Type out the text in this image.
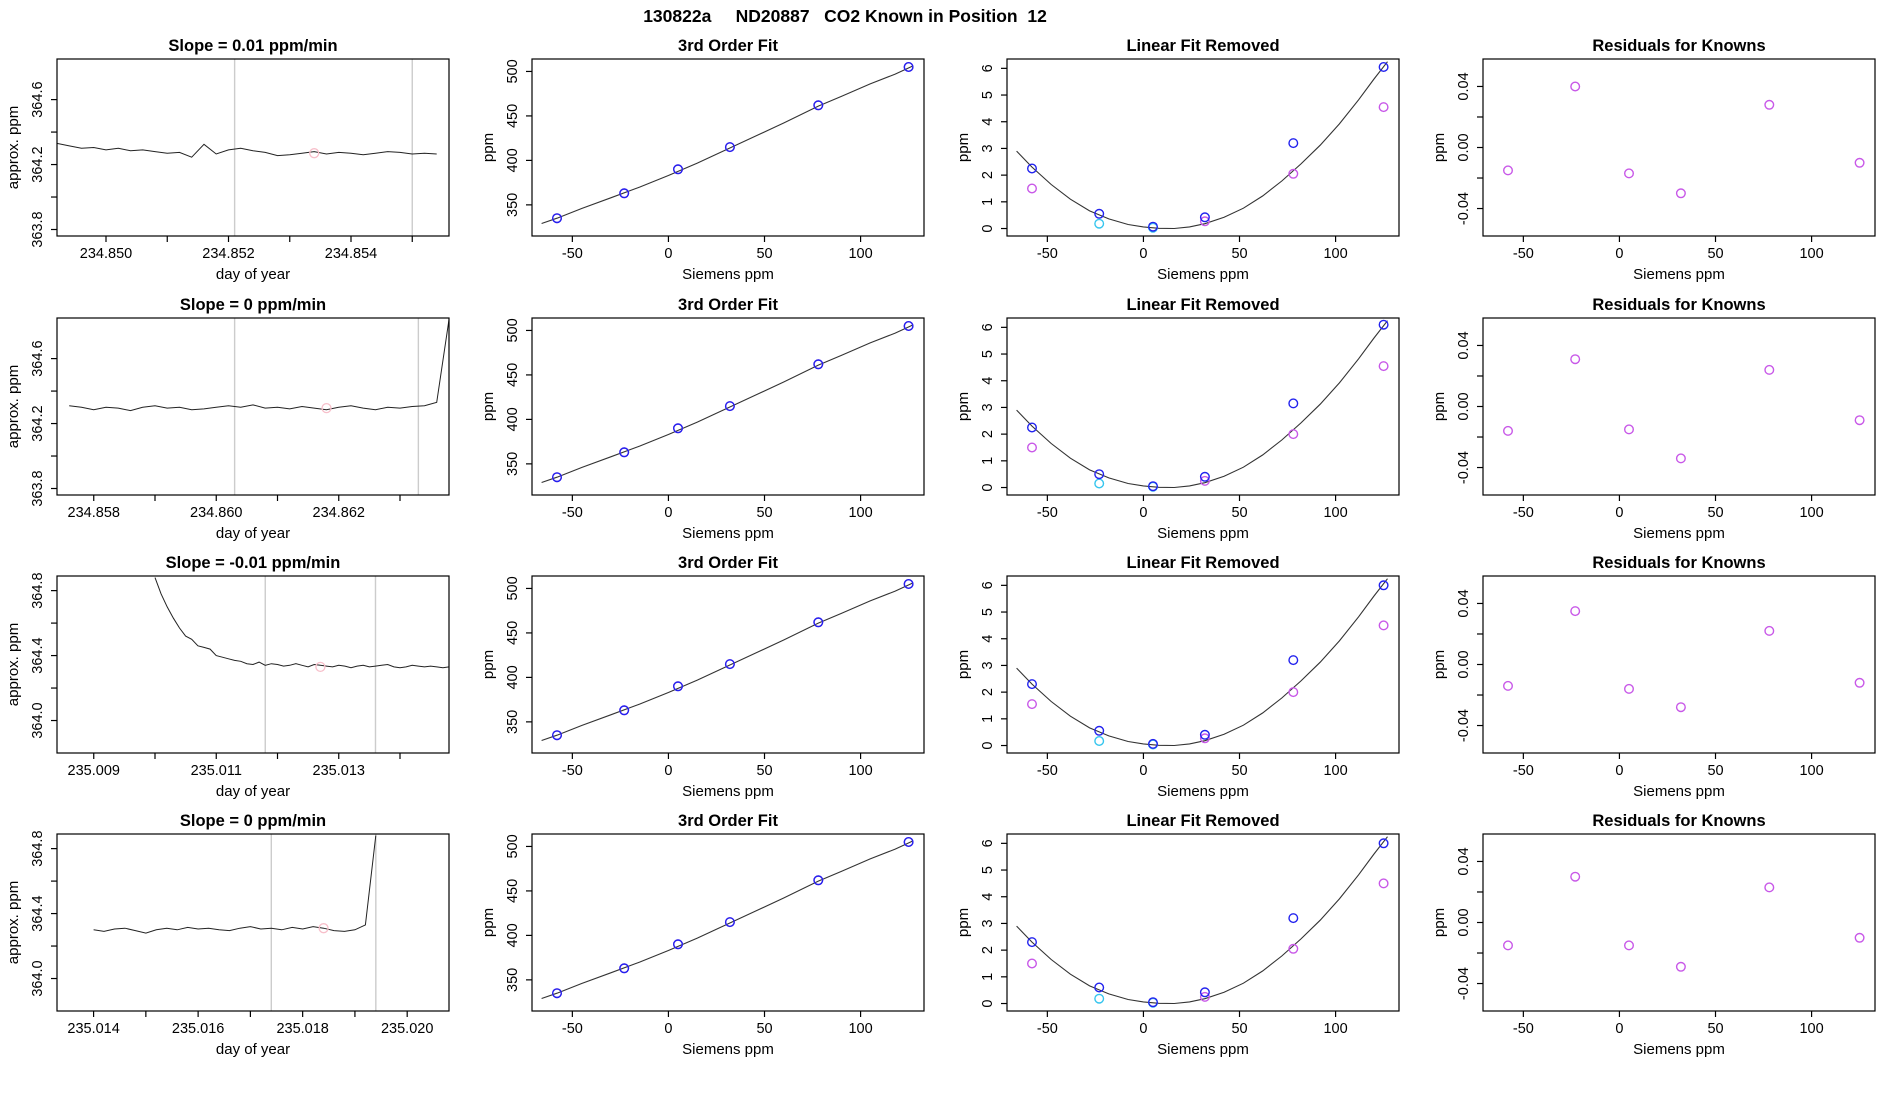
130822a     ND20887   CO2 Known in Position  12
234.850	234.852	234.854
363.8
364.2
364.6
Slope = 0.01 ppm/min
day of year
approx. ppm
-50	0	50	100
350
400
450
500
3rd Order Fit
Siemens ppm
ppm
-50	0	50	100
0
1
2
3
4
5
6
Linear Fit Removed
Siemens ppm
ppm
-50	0	50	100
-0.04
0.00
0.04
Residuals for Knowns
Siemens ppm
ppm
234.858	234.860	234.862
363.8
364.2
364.6
Slope = 0 ppm/min
day of year
approx. ppm
-50	0	50	100
350
400
450
500
3rd Order Fit
Siemens ppm
ppm
-50	0	50	100
0
1
2
3
4
5
6
Linear Fit Removed
Siemens ppm
ppm
-50	0	50	100
-0.04
0.00
0.04
Residuals for Knowns
Siemens ppm
ppm
235.009	235.011	235.013
364.0
364.4
364.8
Slope = -0.01 ppm/min
day of year
approx. ppm
-50	0	50	100
350
400
450
500
3rd Order Fit
Siemens ppm
ppm
-50	0	50	100
0
1
2
3
4
5
6
Linear Fit Removed
Siemens ppm
ppm
-50	0	50	100
-0.04
0.00
0.04
Residuals for Knowns
Siemens ppm
ppm
235.014	235.016	235.018	235.020
364.0
364.4
364.8
Slope = 0 ppm/min
day of year
approx. ppm
-50	0	50	100
350
400
450
500
3rd Order Fit
Siemens ppm
ppm
-50	0	50	100
0
1
2
3
4
5
6
Linear Fit Removed
Siemens ppm
ppm
-50	0	50	100
-0.04
0.00
0.04
Residuals for Knowns
Siemens ppm
ppm
